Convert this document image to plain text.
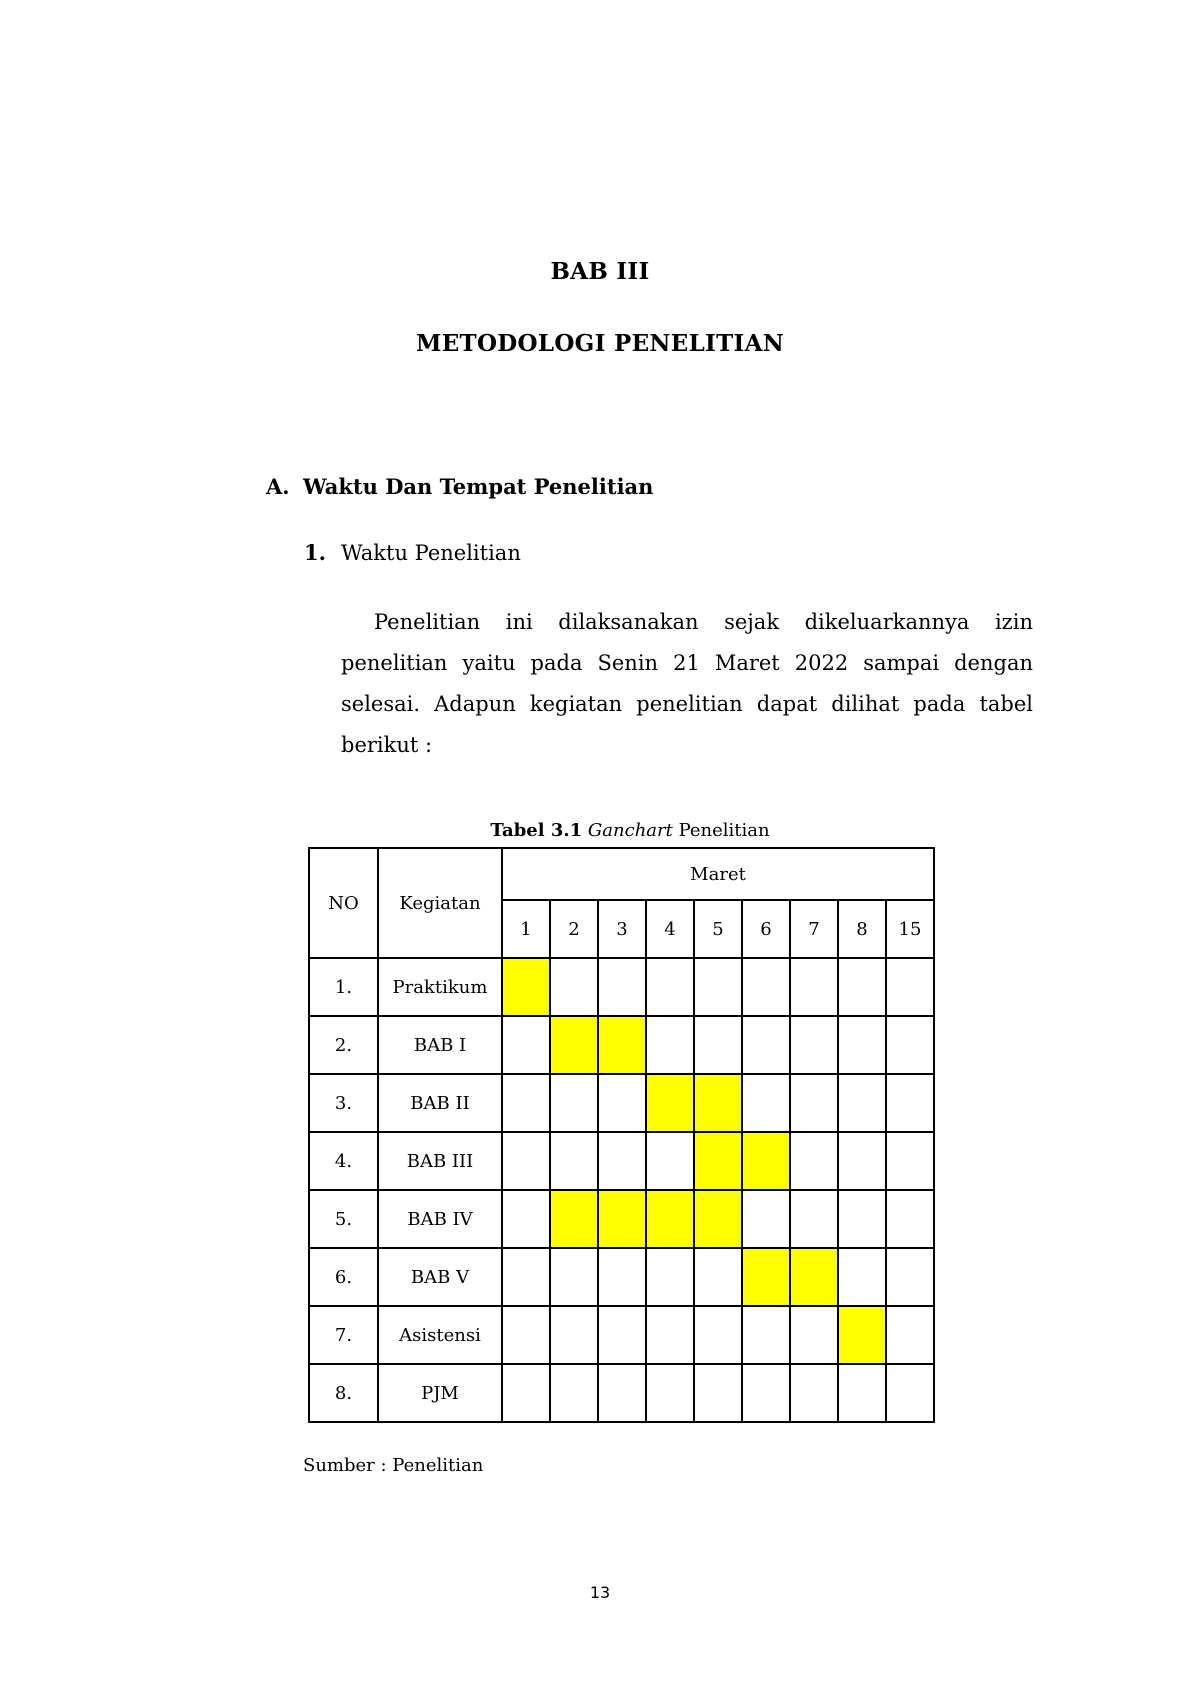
BAB III
METODOLOGI PENELITIAN
A. Waktu Dan Tempat Penelitian
1. Waktu Penelitian

Penelitian ini dilaksanakan sejak dikeluarkannya izin penelitian yaitu pada Senin 21 Maret 2022 sampai dengan selesai. Adapun kegiatan penelitian dapat dilihat pada tabel berikut :

Tabel 3.1 Ganchart Penelitian
NO	Kegiatan	Maret								
		1	2	3	4	5	6	7	8	15
1.	Praktikum									
2.	BAB I									
3.	BAB II									
4.	BAB III									
5.	BAB IV									
6.	BAB V									
7.	Asistensi									
8.	PJM									
Sumber : Penelitian
13
